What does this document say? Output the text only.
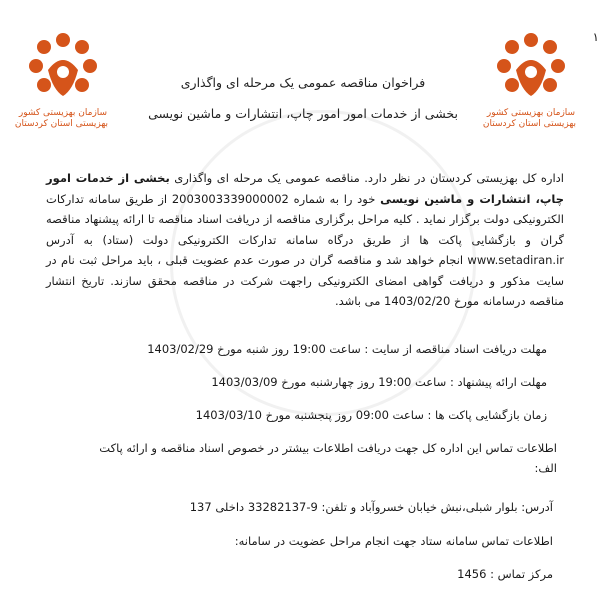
سازمان بهزیستی کشور
بهزیستی استان کردستان
سازمان بهزیستی کشور
بهزیستی استان کردستان
١
فراخوان مناقصه عمومی یک مرحله ای واگذاری
بخشی از خدمات امور امور چاپ، انتشارات و ماشین نویسی
اداره کل بهزیستی کردستان در نظر دارد. مناقصه عمومی یک مرحله ای واگذاری بخشی از خدمات امور چاپ، انتشارات و ماشین نویسی خود را به شماره 2003003339000002 از طریق سامانه تدارکات الکترونیکی دولت برگزار نماید . کلیه مراحل برگزاری مناقصه از دریافت اسناد مناقصه تا ارائه پیشنهاد مناقصه گران و بازگشایی پاکت ها از طریق درگاه سامانه تدارکات الکترونیکی دولت (ستاد) به آدرس www.setadiran.ir انجام خواهد شد و مناقصه گران در صورت عدم عضویت قبلی ، باید مراحل ثبت نام در سایت مذکور و دریافت گواهی امضای الکترونیکی راجهت شرکت در مناقصه محقق سازند. تاریخ انتشار مناقصه درسامانه مورخ 1403/02/20 می باشد.
مهلت دریافت اسناد مناقصه از سایت : ساعت 19:00 روز شنبه مورخ 1403/02/29
مهلت ارائه پیشنهاد : ساعت 19:00 روز چهارشنبه مورخ 1403/03/09
زمان بازگشایی پاکت ها : ساعت 09:00 روز پنجشنبه مورخ 1403/03/10
اطلاعات تماس این اداره کل جهت دریافت اطلاعات بیشتر در خصوص اسناد مناقصه و ارائه پاکت
الف:
آدرس: بلوار شبلی،نبش خیابان خسروآباد و تلفن: 9-33282137 داخلی 137
اطلاعات تماس سامانه ستاد جهت انجام مراحل عضویت در سامانه:
مرکز تماس : 1456
